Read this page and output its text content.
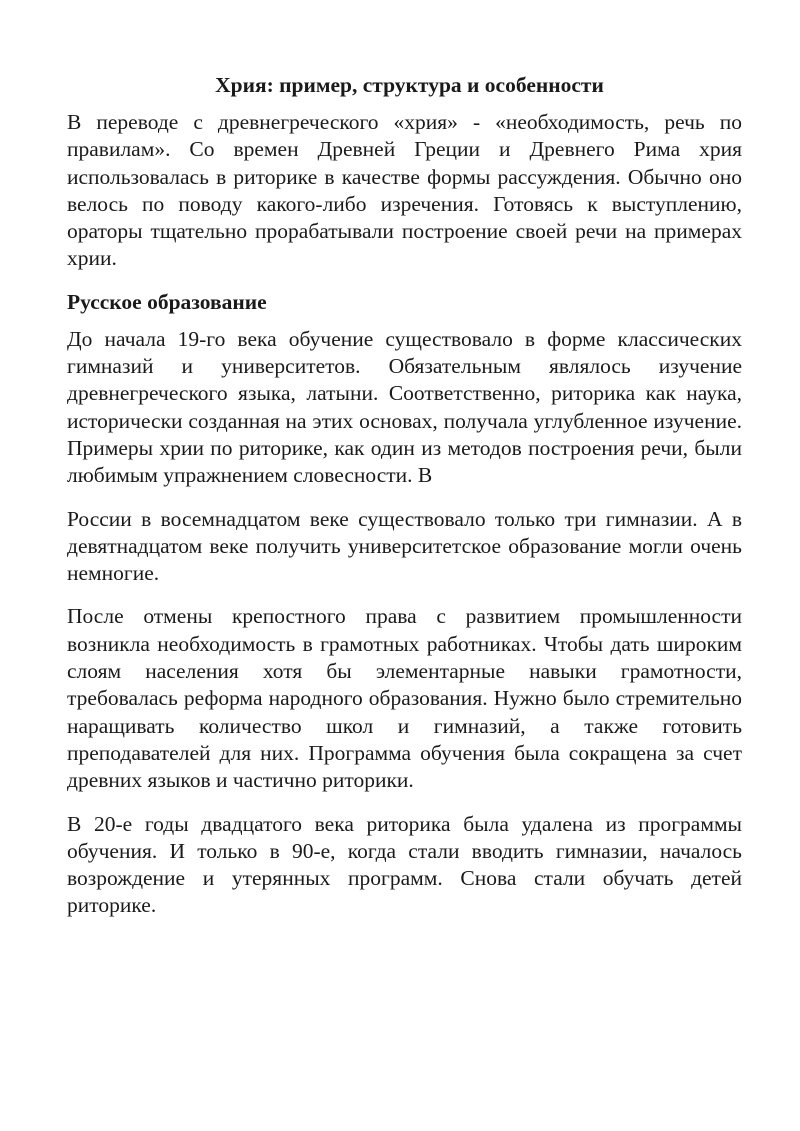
Хрия: пример, структура и особенности

В переводе с древнегреческого «хрия» - «необходимость, речь по правилам». Со времен Древней Греции и Древнего Рима хрия использовалась в риторике в качестве формы рассуждения. Обычно оно велось по поводу какого-либо изречения. Готовясь к выступлению, ораторы тщательно прорабатывали построение своей речи на примерах хрии.

Русское образование

До начала 19-го века обучение существовало в форме классических гимназий и университетов. Обязательным являлось изучение древнегреческого языка, латыни. Соответственно, риторика как наука, исторически созданная на этих основах, получала углубленное изучение. Примеры хрии по риторике, как один из методов построения речи, были любимым упражнением словесности. В

России в восемнадцатом веке существовало только три гимназии. А в девятнадцатом веке получить университетское образование могли очень немногие.

После отмены крепостного права с развитием промышленности возникла необходимость в грамотных работниках. Чтобы дать широким слоям населения хотя бы элементарные навыки грамотности, требовалась реформа народного образования. Нужно было стремительно наращивать количество школ и гимназий, а также готовить преподавателей для них. Программа обучения была сокращена за счет древних языков и частично риторики.

В 20-е годы двадцатого века риторика была удалена из программы обучения. И только в 90-е, когда стали вводить гимназии, началось возрождение и утерянных программ. Снова стали обучать детей риторике.
